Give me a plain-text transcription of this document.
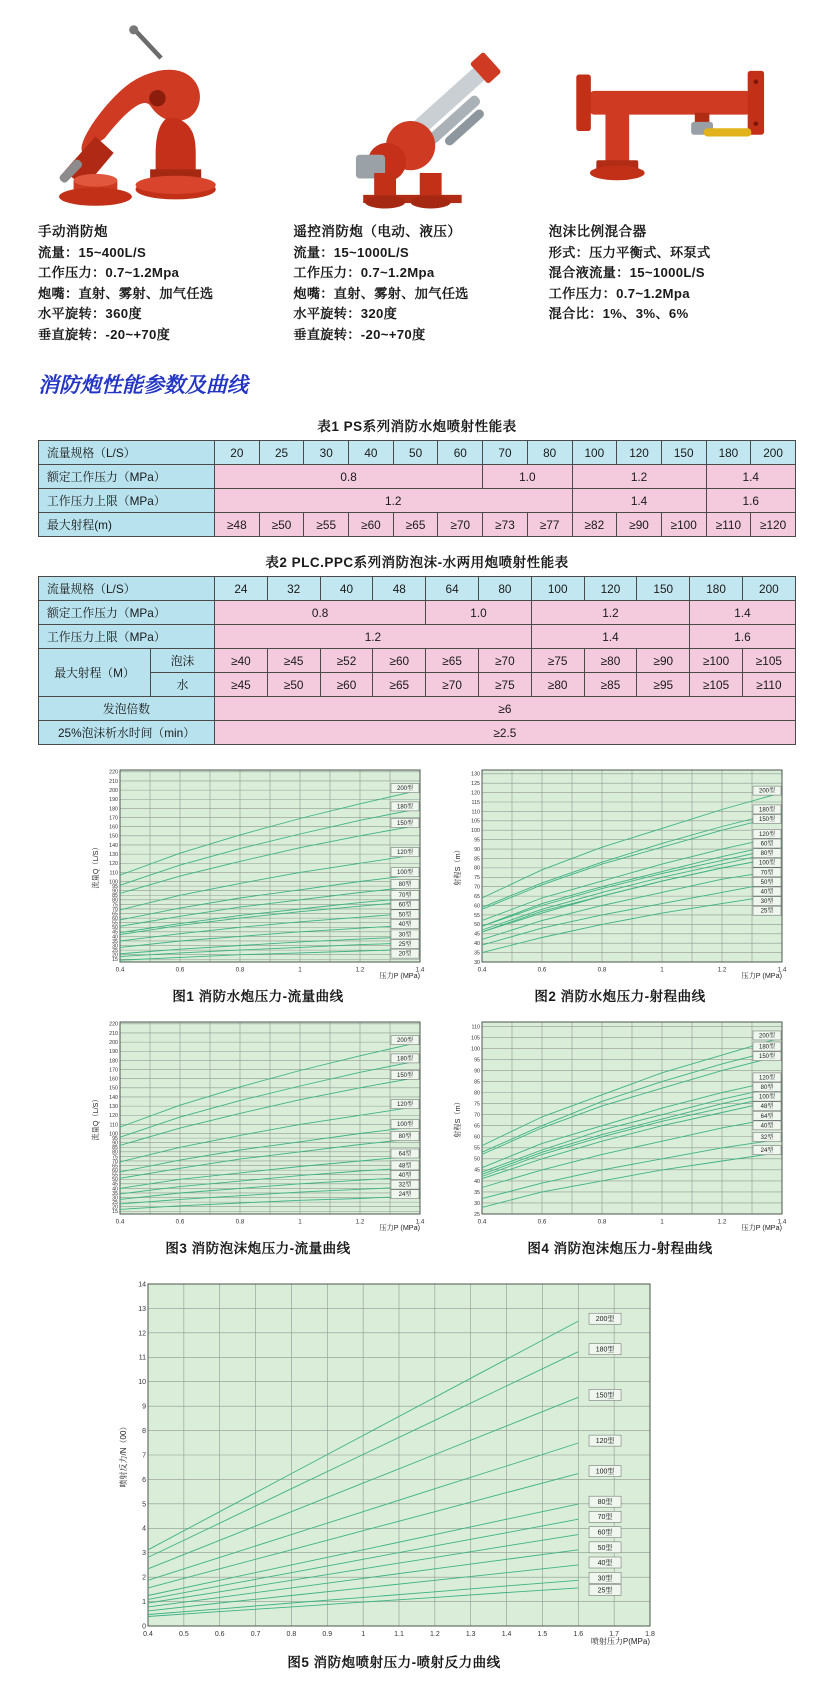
手动消防炮
流量：15~400L/S
工作压力：0.7~1.2Mpa
炮嘴：直射、雾射、加气任选
水平旋转：360度
垂直旋转：-20~+70度
遥控消防炮（电动、液压）
流量：15~1000L/S
工作压力：0.7~1.2Mpa
炮嘴：直射、雾射、加气任选
水平旋转：320度
垂直旋转：-20~+70度
泡沫比例混合器
形式：压力平衡式、环泵式
混合液流量：15~1000L/S
工作压力：0.7~1.2Mpa
混合比：1%、3%、6%
消防炮性能参数及曲线
表1 PS系列消防水炮喷射性能表
流量规格（L/S）	20	25	30	40	50	60	70	80	100	120	150	180	200
额定工作压力（MPa）	0.8						1.0		1.2			1.4	
工作压力上限（MPa）	1.2								1.4			1.6	
最大射程(m)	≥48	≥50	≥55	≥60	≥65	≥70	≥73	≥77	≥82	≥90	≥100	≥110	≥120
表2 PLC.PPC系列消防泡沫-水两用炮喷射性能表
流量规格（L/S）		24	32	40	48	64	80	100	120	150	180	200
额定工作压力（MPa）		0.8				1.0		1.2			1.4	
工作压力上限（MPa）		1.2						1.4			1.6	
最大射程（M）	泡沫	≥40	≥45	≥52	≥60	≥65	≥70	≥75	≥80	≥90	≥100	≥105
	水	≥45	≥50	≥60	≥65	≥70	≥75	≥80	≥85	≥95	≥105	≥110
发泡倍数		≥6										
25%泡沫析水时间（min）		≥2.5										
220
210
200
190
180
170
160
150
140
130
120
110
100
95
90
85
80
75
70
65
60
55
50
45
40
35
30
25
20
15
0.4	0.6	0.8	1	1.2	1.4
200型
180型
150型
120型
100型
80型
70型
60型
50型
40型
30型
25型
20型
流量Q（L/S）
压力P (MPa)
图1 消防水炮压力-流量曲线
130
125
120
115
110
105
100
95
90
85
80
75
70
65
60
55
50
45
40
35
30
0.4	0.6	0.8	1	1.2	1.4
200型
180型
150型
120型
60型
80型
100型
70型
50型
40型
30型
25型
射程S（m）
压力P (MPa)
图2 消防水炮压力-射程曲线
220
210
200
190
180
170
160
150
140
130
120
110
100
95
90
85
80
75
70
65
60
55
50
45
40
35
30
25
20
15
0.4	0.6	0.8	1	1.2	1.4
200型
180型
150型
120型
100型
80型
64型
48型
40型
32型
24型
流量Q（L/S）
压力P (MPa)
图3 消防泡沫炮压力-流量曲线
110
105
100
95
90
85
80
75
70
65
60
55
50
45
40
35
30
25
0.4	0.6	0.8	1	1.2	1.4
200型
180型
150型
120型
80型
100型
48型
64型
40型
32型
24型
射程S（m）
压力P (MPa)
图4 消防泡沫炮压力-射程曲线
14
13
12
11
10
9
8
7
6
5
4
3
2
1
0
0.4	0.5	0.6	0.7	0.8	0.9	1	1.1	1.2	1.3	1.4	1.5	1.6	1.7	1.8
200型
180型
150型
120型
100型
80型
70型
60型
50型
40型
30型
25型
喷射反力/N（00）
喷射压力P(MPa)
图5 消防炮喷射压力-喷射反力曲线
